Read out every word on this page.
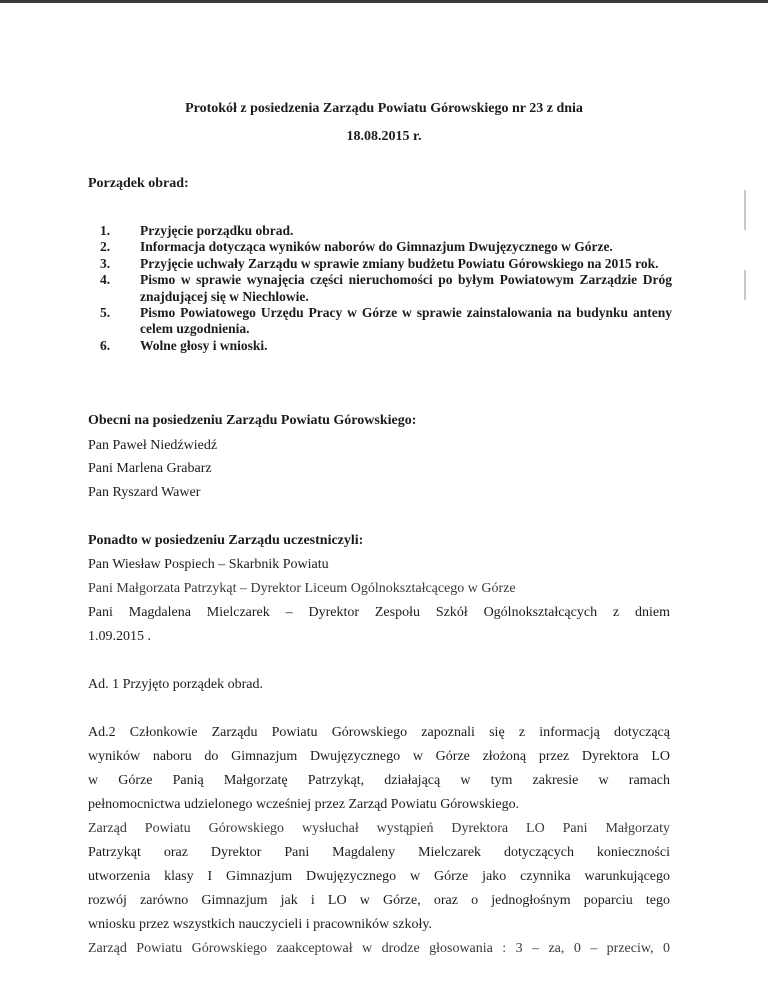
Protokół z posiedzenia Zarządu Powiatu Górowskiego nr 23 z dnia
18.08.2015 r.
Porządek obrad:
1.	Przyjęcie porządku obrad.
2.	Informacja dotycząca wyników naborów do Gimnazjum Dwujęzycznego w Górze.
3.	Przyjęcie uchwały Zarządu w sprawie zmiany budżetu Powiatu Górowskiego na 2015 rok.
4.	Pismo w sprawie wynajęcia części nieruchomości po byłym Powiatowym Zarządzie Dróg znajdującej się w Niechlowie.
5.	Pismo Powiatowego Urzędu Pracy w Górze w sprawie zainstalowania na budynku anteny celem uzgodnienia.
6.	Wolne głosy i wnioski.
Obecni na posiedzeniu Zarządu Powiatu Górowskiego:
Pan Paweł Niedźwiedź
Pani Marlena Grabarz
Pan Ryszard Wawer
Ponadto w posiedzeniu Zarządu uczestniczyli:
Pan Wiesław Pospiech – Skarbnik Powiatu
Pani Małgorzata Patrzykąt – Dyrektor Liceum Ogólnokształcącego w Górze
Pani Magdalena Mielczarek – Dyrektor Zespołu Szkół Ogólnokształcących z dniem
1.09.2015 .
Ad. 1 Przyjęto porządek obrad.
Ad.2 Członkowie Zarządu Powiatu Górowskiego zapoznali się z informacją dotyczącą
wyników naboru do Gimnazjum Dwujęzycznego w Górze złożoną przez Dyrektora LO
w Górze Panią Małgorzatę Patrzykąt, działającą w tym zakresie w ramach
pełnomocnictwa udzielonego wcześniej przez Zarząd Powiatu Górowskiego.
Zarząd Powiatu Górowskiego wysłuchał wystąpień Dyrektora LO Pani Małgorzaty
Patrzykąt oraz Dyrektor Pani Magdaleny Mielczarek dotyczących konieczności
utworzenia klasy I Gimnazjum Dwujęzycznego w Górze jako czynnika warunkującego
rozwój zarówno Gimnazjum jak i LO w Górze, oraz o jednogłośnym poparciu tego
wniosku przez wszystkich nauczycieli i pracowników szkoły.
Zarząd Powiatu Górowskiego zaakceptował w drodze głosowania : 3 – za, 0 – przeciw, 0
